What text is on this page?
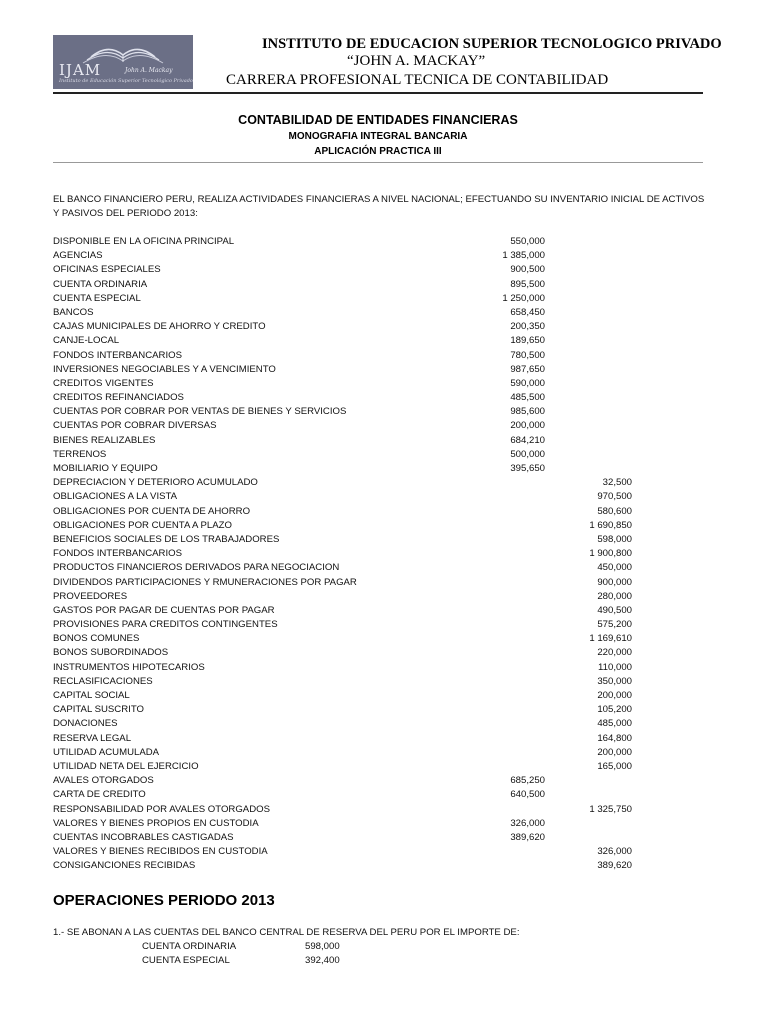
IJAM	John A. Mackay
Instituto de Educación Superior Tecnológico Privado
INSTITUTO DE EDUCACION SUPERIOR TECNOLOGICO PRIVADO
“JOHN A. MACKAY”
CARRERA PROFESIONAL TECNICA DE CONTABILIDAD
CONTABILIDAD DE ENTIDADES FINANCIERAS
MONOGRAFIA INTEGRAL BANCARIA
APLICACIÓN PRACTICA III
EL BANCO FINANCIERO PERU, REALIZA ACTIVIDADES FINANCIERAS A NIVEL NACIONAL; EFECTUANDO SU INVENTARIO INICIAL DE ACTIVOS Y PASIVOS DEL PERIODO 2013:
DISPONIBLE EN LA OFICINA PRINCIPAL	550,000
AGENCIAS	1 385,000
OFICINAS ESPECIALES	900,500
CUENTA ORDINARIA	895,500
CUENTA ESPECIAL	1 250,000
BANCOS	658,450
CAJAS MUNICIPALES DE AHORRO Y CREDITO	200,350
CANJE-LOCAL	189,650
FONDOS INTERBANCARIOS	780,500
INVERSIONES NEGOCIABLES Y A VENCIMIENTO	987,650
CREDITOS VIGENTES	590,000
CREDITOS REFINANCIADOS	485,500
CUENTAS POR COBRAR POR VENTAS DE BIENES Y SERVICIOS	985,600
CUENTAS POR COBRAR DIVERSAS	200,000
BIENES REALIZABLES	684,210
TERRENOS	500,000
MOBILIARIO Y EQUIPO	395,650
DEPRECIACION Y DETERIORO ACUMULADO	32,500
OBLIGACIONES A LA VISTA	970,500
OBLIGACIONES POR CUENTA DE AHORRO	580,600
OBLIGACIONES POR CUENTA A PLAZO	1 690,850
BENEFICIOS SOCIALES DE LOS TRABAJADORES	598,000
FONDOS INTERBANCARIOS	1 900,800
PRODUCTOS FINANCIEROS DERIVADOS PARA NEGOCIACION	450,000
DIVIDENDOS PARTICIPACIONES Y RMUNERACIONES POR PAGAR	900,000
PROVEEDORES	280,000
GASTOS POR PAGAR DE CUENTAS POR PAGAR	490,500
PROVISIONES PARA CREDITOS CONTINGENTES	575,200
BONOS COMUNES	1 169,610
BONOS SUBORDINADOS	220,000
INSTRUMENTOS HIPOTECARIOS	110,000
RECLASIFICACIONES	350,000
CAPITAL SOCIAL	200,000
CAPITAL SUSCRITO	105,200
DONACIONES	485,000
RESERVA LEGAL	164,800
UTILIDAD ACUMULADA	200,000
UTILIDAD NETA DEL EJERCICIO	165,000
AVALES OTORGADOS	685,250
CARTA DE CREDITO	640,500
RESPONSABILIDAD POR AVALES OTORGADOS	1 325,750
VALORES Y BIENES PROPIOS EN CUSTODIA	326,000
CUENTAS INCOBRABLES CASTIGADAS	389,620
VALORES Y BIENES RECIBIDOS EN CUSTODIA	326,000
CONSIGANCIONES RECIBIDAS	389,620
OPERACIONES PERIODO 2013
1.- SE ABONAN A LAS CUENTAS DEL BANCO CENTRAL DE RESERVA DEL PERU POR EL IMPORTE DE:
CUENTA ORDINARIA	598,000
CUENTA ESPECIAL	392,400
